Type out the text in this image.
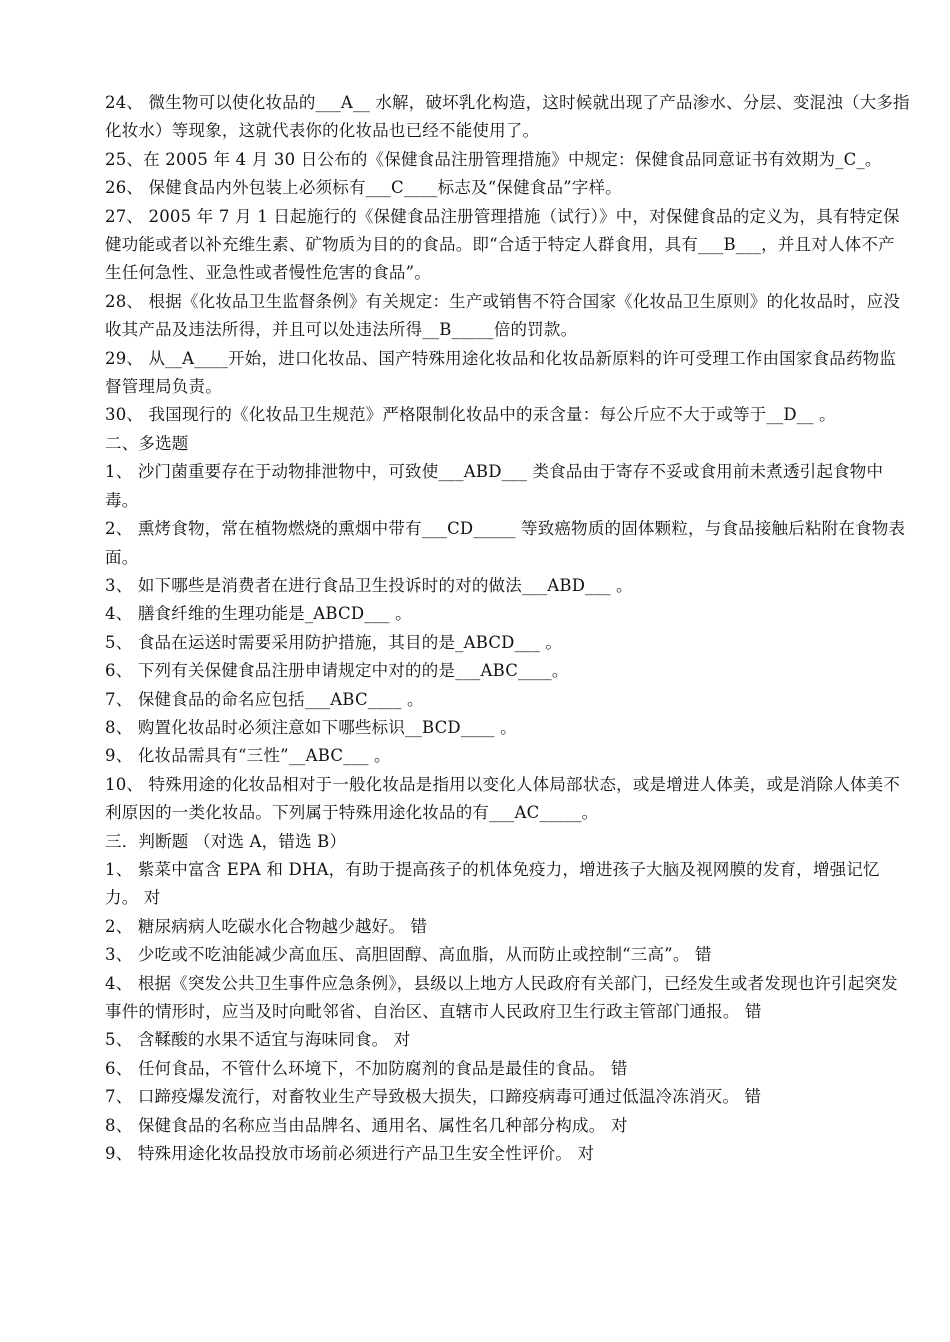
24、 微生物可以使化妆品的___A__ 水解，破坏乳化构造，这时候就出现了产品渗水、分层、变混浊（大多指化妆水）等现象，这就代表你的化妆品也已经不能使用了。

25、在 2005 年 4 月 30 日公布的《保健食品注册管理措施》中规定：保健食品同意证书有效期为_C_。

26、 保健食品内外包装上必须标有___C____标志及“保健食品”字样。

27、 2005 年 7 月 1 日起施行的《保健食品注册管理措施（试行）》中，对保健食品的定义为，具有特定保健功能或者以补充维生素、矿物质为目的的食品。即“合适于特定人群食用，具有___B___，并且对人体不产生任何急性、亚急性或者慢性危害的食品”。

28、 根据《化妆品卫生监督条例》有关规定：生产或销售不符合国家《化妆品卫生原则》的化妆品时，应没收其产品及违法所得，并且可以处违法所得__B_____倍的罚款。

29、 从__A____开始，进口化妆品、国产特殊用途化妆品和化妆品新原料的许可受理工作由国家食品药物监督管理局负责。

30、 我国现行的《化妆品卫生规范》严格限制化妆品中的汞含量：每公斤应不大于或等于__D__ 。

二、多选题

1、 沙门菌重要存在于动物排泄物中，可致使___ABD___ 类食品由于寄存不妥或食用前未煮透引起食物中毒。

2、 熏烤食物，常在植物燃烧的熏烟中带有___CD_____ 等致癌物质的固体颗粒，与食品接触后粘附在食物表面。

3、 如下哪些是消费者在进行食品卫生投诉时的对的做法___ABD___ 。

4、 膳食纤维的生理功能是_ABCD___ 。

5、 食品在运送时需要采用防护措施，其目的是_ABCD___ 。

6、 下列有关保健食品注册申请规定中对的的是___ABC____。

7、 保健食品的命名应包括___ABC____ 。

8、 购置化妆品时必须注意如下哪些标识__BCD____ 。

9、 化妆品需具有“三性”__ABC___ 。

10、 特殊用途的化妆品相对于一般化妆品是指用以变化人体局部状态，或是增进人体美，或是消除人体美不利原因的一类化妆品。下列属于特殊用途化妆品的有___AC_____。

三．判断题 （对选 A，错选 B）

1、 紫菜中富含 EPA 和 DHA，有助于提高孩子的机体免疫力，增进孩子大脑及视网膜的发育，增强记忆力。 对

2、 糖尿病病人吃碳水化合物越少越好。 错

3、 少吃或不吃油能减少高血压、高胆固醇、高血脂，从而防止或控制“三高”。 错

4、 根据《突发公共卫生事件应急条例》，县级以上地方人民政府有关部门，已经发生或者发现也许引起突发事件的情形时，应当及时向毗邻省、自治区、直辖市人民政府卫生行政主管部门通报。 错

5、 含鞣酸的水果不适宜与海味同食。 对

6、 任何食品，不管什么环境下，不加防腐剂的食品是最佳的食品。 错

7、 口蹄疫爆发流行，对畜牧业生产导致极大损失，口蹄疫病毒可通过低温冷冻消灭。 错

8、 保健食品的名称应当由品牌名、通用名、属性名几种部分构成。 对

9、 特殊用途化妆品投放市场前必须进行产品卫生安全性评价。 对
